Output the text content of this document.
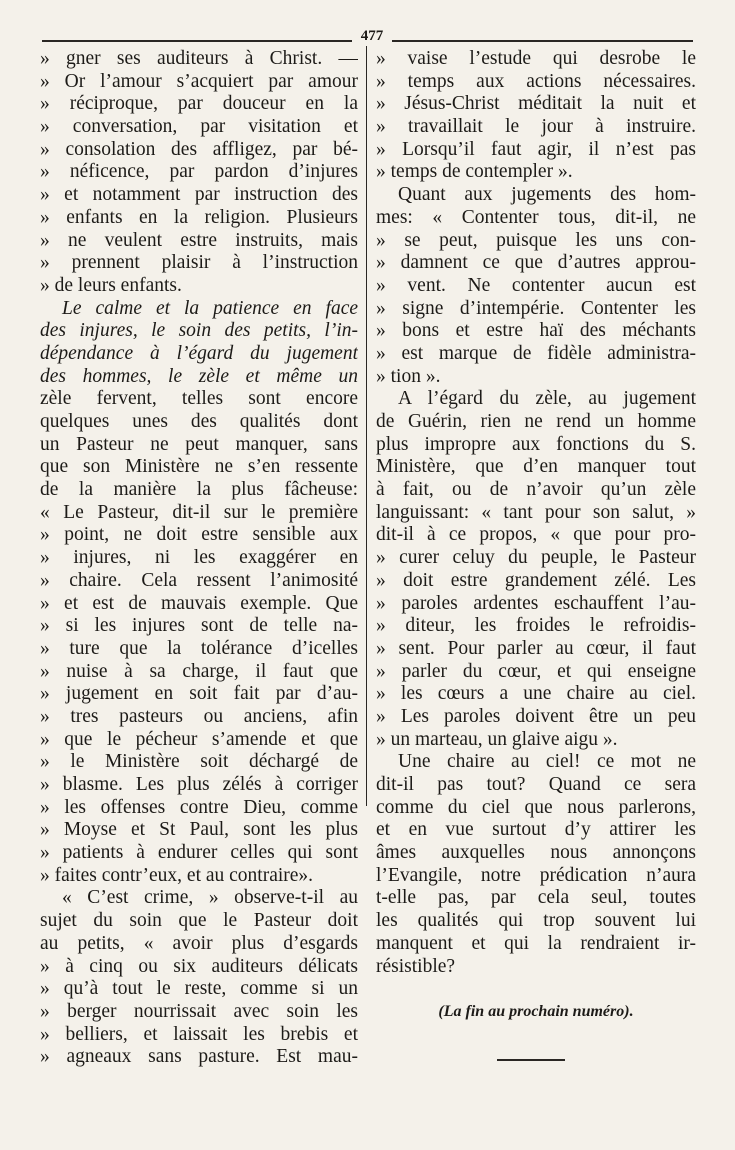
477
» gner ses auditeurs à Christ. —
» Or l’amour s’acquiert par amour
» réciproque, par douceur en la
» conversation, par visitation et
» consolation des affligez, par bé-
» néficence, par pardon d’injures
» et notamment par instruction des
» enfants en la religion. Plusieurs
» ne veulent estre instruits, mais
» prennent plaisir à l’instruction
» de leurs enfants.
Le calme et la patience en face
des injures, le soin des petits, l’in-
dépendance à l’égard du jugement
des hommes, le zèle et même un
zèle fervent, telles sont encore
quelques unes des qualités dont
un Pasteur ne peut manquer, sans
que son Ministère ne s’en ressente
de la manière la plus fâcheuse:
« Le Pasteur, dit-il sur le première
» point, ne doit estre sensible aux
» injures, ni les exaggérer en
» chaire. Cela ressent l’animosité
» et est de mauvais exemple. Que
» si les injures sont de telle na-
» ture que la tolérance d’icelles
» nuise à sa charge, il faut que
» jugement en soit fait par d’au-
» tres pasteurs ou anciens, afin
» que le pécheur s’amende et que
» le Ministère soit déchargé de
» blasme. Les plus zélés à corriger
» les offenses contre Dieu, comme
» Moyse et St Paul, sont les plus
» patients à endurer celles qui sont
» faites contr’eux, et au contraire».
« C’est crime, » observe-t-il au
sujet du soin que le Pasteur doit
au petits, « avoir plus d’esgards
» à cinq ou six auditeurs délicats
» qu’à tout le reste, comme si un
» berger nourrissait avec soin les
» belliers, et laissait les brebis et
» agneaux sans pasture. Est mau-
» vaise l’estude qui desrobe le
» temps aux actions nécessaires.
» Jésus-Christ méditait la nuit et
» travaillait le jour à instruire.
» Lorsqu’il faut agir, il n’est pas
» temps de contempler ».
Quant aux jugements des hom-
mes: « Contenter tous, dit-il, ne
» se peut, puisque les uns con-
» damnent ce que d’autres approu-
» vent. Ne contenter aucun est
» signe d’intempérie. Contenter les
» bons et estre haï des méchants
» est marque de fidèle administra-
» tion ».
A l’égard du zèle, au jugement
de Guérin, rien ne rend un homme
plus impropre aux fonctions du S.
Ministère, que d’en manquer tout
à fait, ou de n’avoir qu’un zèle
languissant: « tant pour son salut, »
dit-il à ce propos, « que pour pro-
» curer celuy du peuple, le Pasteur
» doit estre grandement zélé. Les
» paroles ardentes eschauffent l’au-
» diteur, les froides le refroidis-
» sent. Pour parler au cœur, il faut
» parler du cœur, et qui enseigne
» les cœurs a une chaire au ciel.
» Les paroles doivent être un peu
» un marteau, un glaive aigu ».
Une chaire au ciel! ce mot ne
dit-il pas tout? Quand ce sera
comme du ciel que nous parlerons,
et en vue surtout d’y attirer les
âmes auxquelles nous annonçons
l’Evangile, notre prédication n’aura
t-elle pas, par cela seul, toutes
les qualités qui trop souvent lui
manquent et qui la rendraient ir-
résistible?

(La fin au prochain numéro).
